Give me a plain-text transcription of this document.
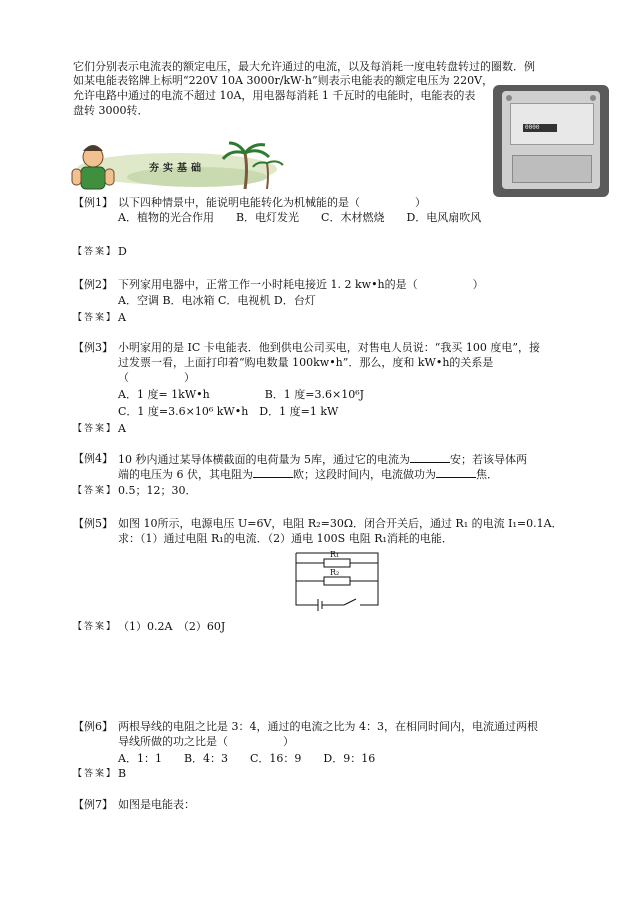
它们分别表示电流表的额定电压，最大允许通过的电流，以及每消耗一度电转盘转过的圈数．例
如某电能表铭牌上标明“220V 10A 3000r/kW·h”则表示电能表的额定电压为 220V，
允许电路中通过的电流不超过 10A，用电器每消耗 1 千瓦时的电能时，电能表的表
盘转 3000转．
0000
夯实基础
【例1】 以下四种情景中，能说明电能转化为机械能的是（　　　　　）
A．植物的光合作用　　B．电灯发光　　C．木材燃烧　　D．电风扇吹风
【答案】 D
【例2】 下列家用电器中，正常工作一小时耗电接近 1. 2 kw•h的是（　　　　　）
A．空调 B．电冰箱 C．电视机 D．台灯
【答案】 A
【例3】 小明家用的是 IC 卡电能表．他到供电公司买电，对售电人员说：“我买 100 度电”，接
过发票一看，上面打印着“购电数量 100kw•h”．那么，度和 kW•h的关系是
（　　　　　）
A．1 度= 1kW•h　　　　　B．1 度=3.6×10⁶J
C．1 度=3.6×10⁶ kW•h　D．1 度=1 kW
【答案】 A
【例4】 10 秒内通过某导体横截面的电荷量为 5库，通过它的电流为	安；若该导体两
端的电压为 6 伏，其电阻为	欧；这段时间内，电流做功为	焦．
【答案】 0.5；12；30．
【例5】 如图 10所示，电源电压 U=6V，电阻 R₂=30Ω．闭合开关后，通过 R₁ 的电流 I₁=0.1A．
求：（1）通过电阻 R₁的电流．（2）通电 100S 电阻 R₁消耗的电能．
R₁
R₂
【答案】 （1）0.2A　（2）60J
【例6】 两根导线的电阻之比是 3：4，通过的电流之比为 4：3，在相同时间内，电流通过两根
导线所做的功之比是（　　　　　）
A．1：1　　B．4：3　　C．16：9　　D．9：16
【答案】 B
【例7】 如图是电能表：
